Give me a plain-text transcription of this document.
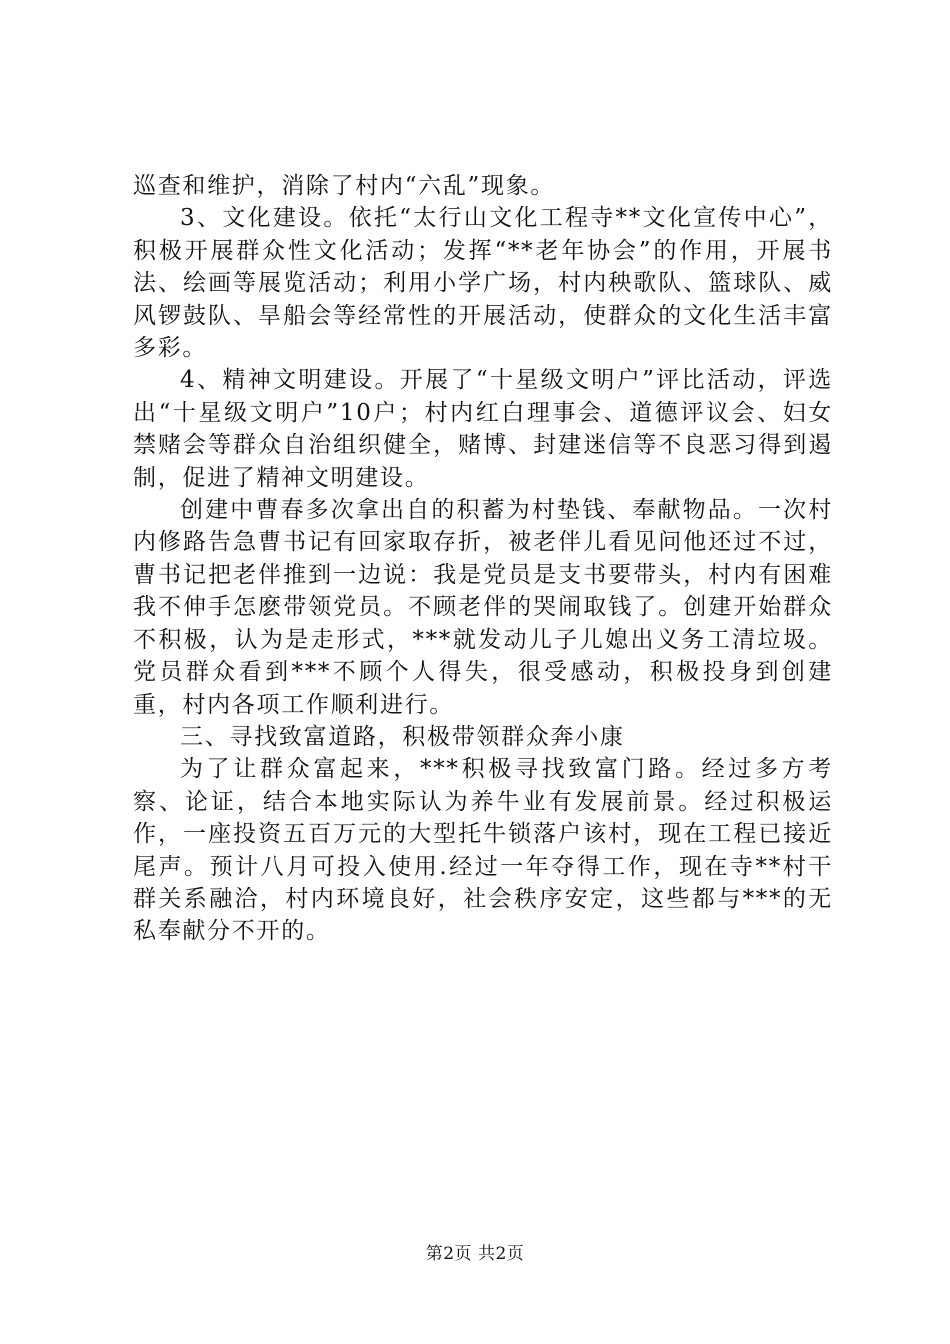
巡查和维护，消除了村内“六乱”现象。

3、文化建设。依托“太行山文化工程寺**文化宣传中心”，积极开展群众性文化活动；发挥“**老年协会”的作用，开展书法、绘画等展览活动；利用小学广场，村内秧歌队、篮球队、威风锣鼓队、旱船会等经常性的开展活动，使群众的文化生活丰富多彩。

4、精神文明建设。开展了“十星级文明户”评比活动，评选出“十星级文明户”10户；村内红白理事会、道德评议会、妇女禁赌会等群众自治组织健全，赌博、封建迷信等不良恶习得到遏制，促进了精神文明建设。

创建中曹春多次拿出自的积蓄为村垫钱、奉献物品。一次村内修路告急曹书记有回家取存折，被老伴儿看见问他还过不过，曹书记把老伴推到一边说：我是党员是支书要带头，村内有困难我不伸手怎麽带领党员。不顾老伴的哭闹取钱了。创建开始群众不积极，认为是走形式，***就发动儿子儿媳出义务工清垃圾。党员群众看到***不顾个人得失，很受感动，积极投身到创建重，村内各项工作顺利进行。

三、寻找致富道路，积极带领群众奔小康

为了让群众富起来，***积极寻找致富门路。经过多方考察、论证，结合本地实际认为养牛业有发展前景。经过积极运作，一座投资五百万元的大型托牛锁落户该村，现在工程已接近尾声。预计八月可投入使用.经过一年夺得工作，现在寺**村干群关系融洽，村内环境良好，社会秩序安定，这些都与***的无私奉献分不开的。

第2页 共2页
